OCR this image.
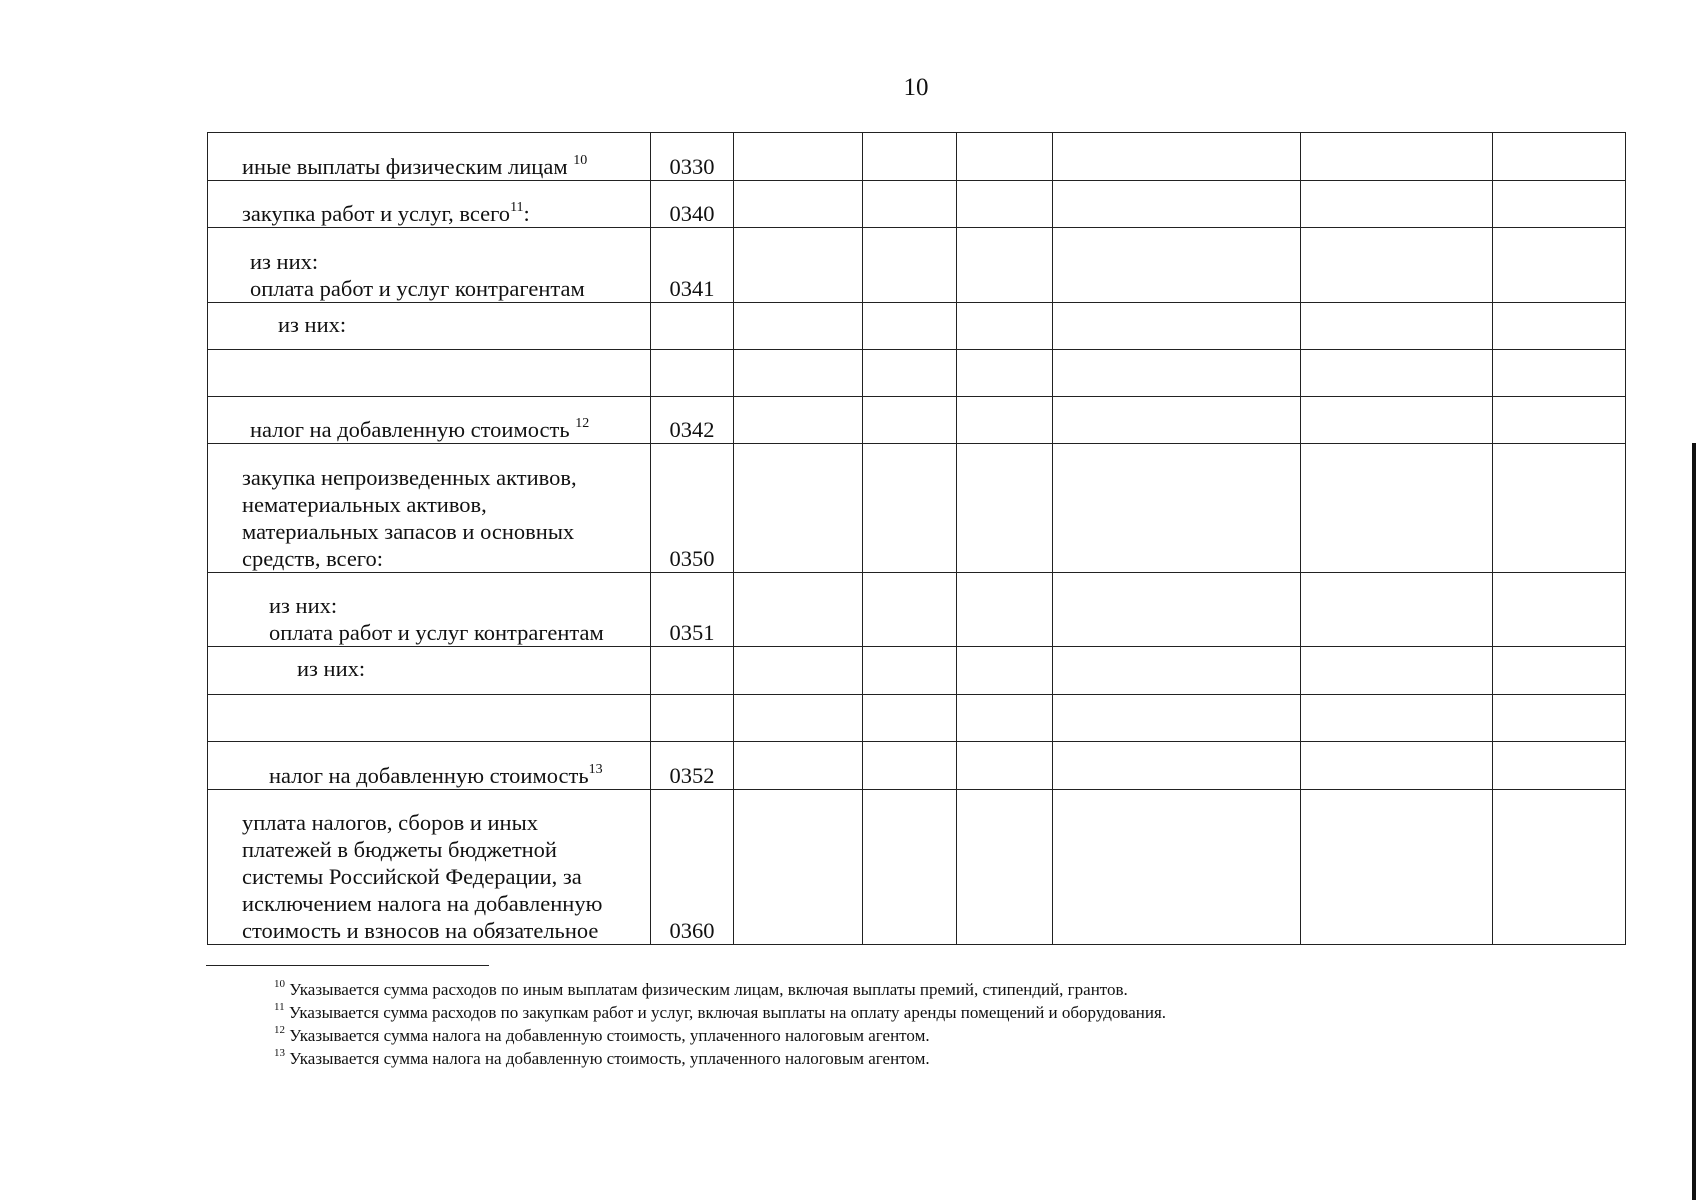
10
иные выплаты физическим лицам $^{10}$	0330						

закупка работ и услуг, всего$^{11}$:	0340						

из них:
оплата работ и услуг контрагентам	0341						

из них:							

налог на добавленную стоимость $^{12}$	0342						

закупка непроизведенных активов,
нематериальных активов,
материальных запасов и основных
средств, всего:	0350						

из них:
оплата работ и услуг контрагентам	0351						

из них:							

налог на добавленную стоимость$^{13}$	0352						

уплата налогов, сборов и иных
платежей в бюджеты бюджетной
системы Российской Федерации, за
исключением налога на добавленную
стоимость и взносов на обязательное	0360						
$^{10}$ Указывается сумма расходов по иным выплатам физическим лицам, включая выплаты премий, стипендий, грантов.
$^{11}$ Указывается сумма расходов по закупкам работ и услуг, включая выплаты на оплату аренды помещений и оборудования.
$^{12}$ Указывается сумма налога на добавленную стоимость, уплаченного налоговым агентом.
$^{13}$ Указывается сумма налога на добавленную стоимость, уплаченного налоговым агентом.
